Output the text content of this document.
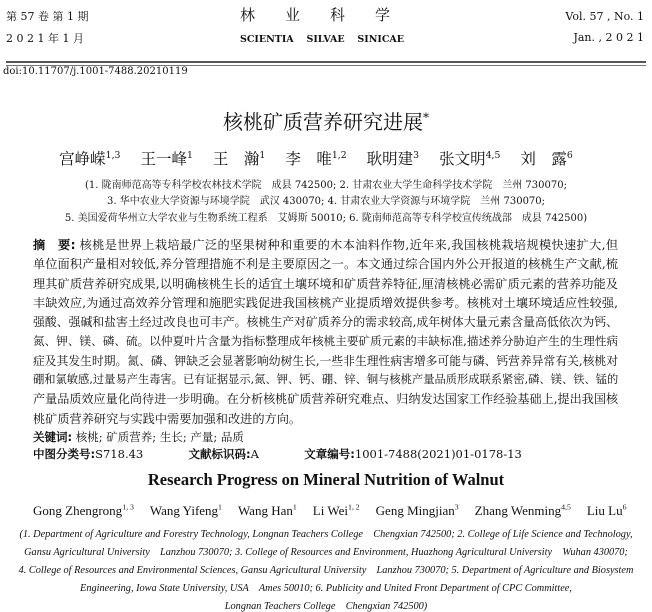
第 57 卷 第 1 期
2 0 2 1 年 1 月
林　　业　　科　　学
SCIENTIA　 SILVAE　 SINICAE
Vol. 57 , No. 1
Jan. , 2 0 2 1
doi:10.11707/j.1001-7488.20210119
核桃矿质营养研究进展*
宫峥嵘$^{1,3}$ 王一峰$^1$ 王　瀚$^1$ 李　唯$^{1,2}$ 耿明建$^3$ 张文明$^{4,5}$ 刘　露$^6$
(1. 陇南师范高等专科学校农林技术学院　成县 742500; 2. 甘肃农业大学生命科学技术学院　兰州 730070;
3. 华中农业大学资源与环境学院　武汉 430070; 4. 甘肃农业大学资源与环境学院　兰州 730070;
5. 美国爱荷华州立大学农业与生物系统工程系　艾姆斯 50010; 6. 陇南师范高等专科学校宣传统战部　成县 742500)
摘　要: 核桃是世界上栽培最广泛的坚果树种和重要的木本油料作物,近年来,我国核桃栽培规模快速扩大,但
单位面积产量相对较低,养分管理措施不利是主要原因之一。本文通过综合国内外公开报道的核桃生产文献,梳
理其矿质营养研究成果,以明确核桃生长的适宜土壤环境和矿质营养特征,厘清核桃必需矿质元素的营养功能及
丰缺效应,为通过高效养分管理和施肥实践促进我国核桃产业提质增效提供参考。核桃对土壤环境适应性较强,
强酸、强碱和盐害土经过改良也可丰产。核桃生产对矿质养分的需求较高,成年树体大量元素含量高低依次为钙、
氮、钾、镁、磷、硫。以仲夏叶片含量为指标整理成年核桃主要矿质元素的丰缺标准,描述养分胁迫产生的生理性病
症及其发生时期。氮、磷、钾缺乏会显著影响幼树生长,一些非生理性病害增多可能与磷、钙营养异常有关,核桃对
硼和氯敏感,过量易产生毒害。已有证据显示,氮、钾、钙、硼、锌、铜与核桃产量品质形成联系紧密,磷、镁、铁、锰的
产量品质效应量化尚待进一步明确。在分析核桃矿质营养研究难点、归纳发达国家工作经验基础上,提出我国核
桃矿质营养研究与实践中需要加强和改进的方向。
关键词: 核桃; 矿质营养; 生长; 产量; 品质
中图分类号:S718.43	文献标识码:A	文章编号:1001-7488(2021)01-0178-13
Research Progress on Mineral Nutrition of Walnut
Gong Zhengrong$^{1, 3}$ Wang Yifeng$^1$ Wang Han$^1$ Li Wei$^{1, 2}$ Geng Mingjian$^3$ Zhang Wenming$^{4,5}$ Liu Lu$^6$
(1. Department of Agriculture and Forestry Technology, Longnan Teachers College　Chengxian 742500; 2. College of Life Science and Technology,
Gansu Agricultural University　Lanzhou 730070; 3. College of Resources and Environment, Huazhong Agricultural University　Wuhan 430070;
4. College of Resources and Environmental Sciences, Gansu Agricultural University　Lanzhou 730070; 5. Department of Agriculture and Biosystem
Engineering, Iowa State University, USA　Ames 50010; 6. Publicity and United Front Department of CPC Committee,
Longnan Teachers College　Chengxian 742500)
